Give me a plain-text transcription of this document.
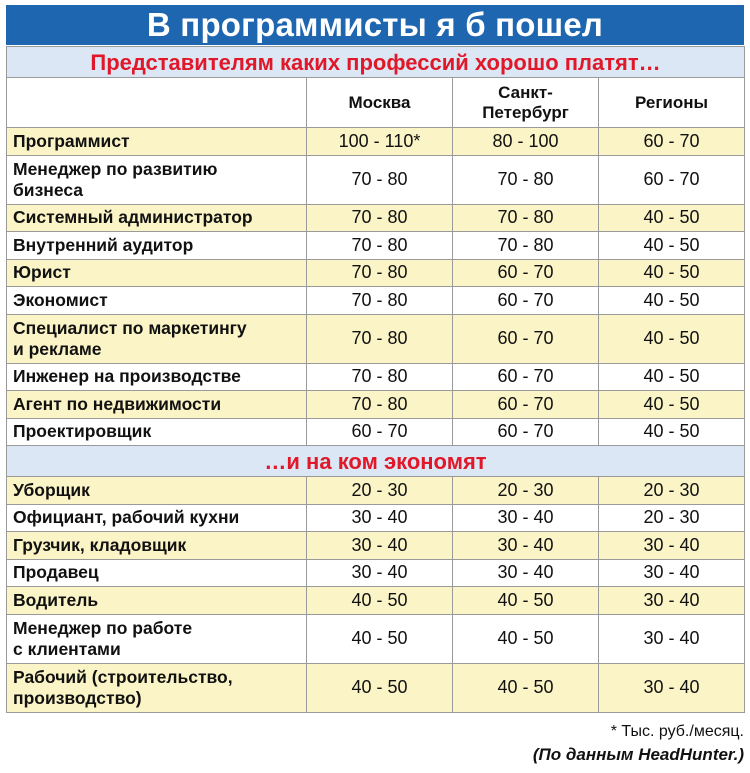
В программисты я б пошел
Представителям каких профессий хорошо платят…			
	Москва	Санкт-
Петербург	Регионы
Программист	100 - 110*	80 - 100	60 - 70
Менеджер по развитию
бизнеса	70 - 80	70 - 80	60 - 70
Системный администратор	70 - 80	70 - 80	40 - 50
Внутренний аудитор	70 - 80	70 - 80	40 - 50
Юрист	70 - 80	60 - 70	40 - 50
Экономист	70 - 80	60 - 70	40 - 50
Специалист по маркетингу
и рекламе	70 - 80	60 - 70	40 - 50
Инженер на производстве	70 - 80	60 - 70	40 - 50
Агент по недвижимости	70 - 80	60 - 70	40 - 50
Проектировщик	60 - 70	60 - 70	40 - 50
…и на ком экономят			
Уборщик	20 - 30	20 - 30	20 - 30
Официант, рабочий кухни	30 - 40	30 - 40	20 - 30
Грузчик, кладовщик	30 - 40	30 - 40	30 - 40
Продавец	30 - 40	30 - 40	30 - 40
Водитель	40 - 50	40 - 50	30 - 40
Менеджер по работе
с клиентами	40 - 50	40 - 50	30 - 40
Рабочий (строительство,
производство)	40 - 50	40 - 50	30 - 40
* Тыс. руб./месяц.
(По данным HeadHunter.)
